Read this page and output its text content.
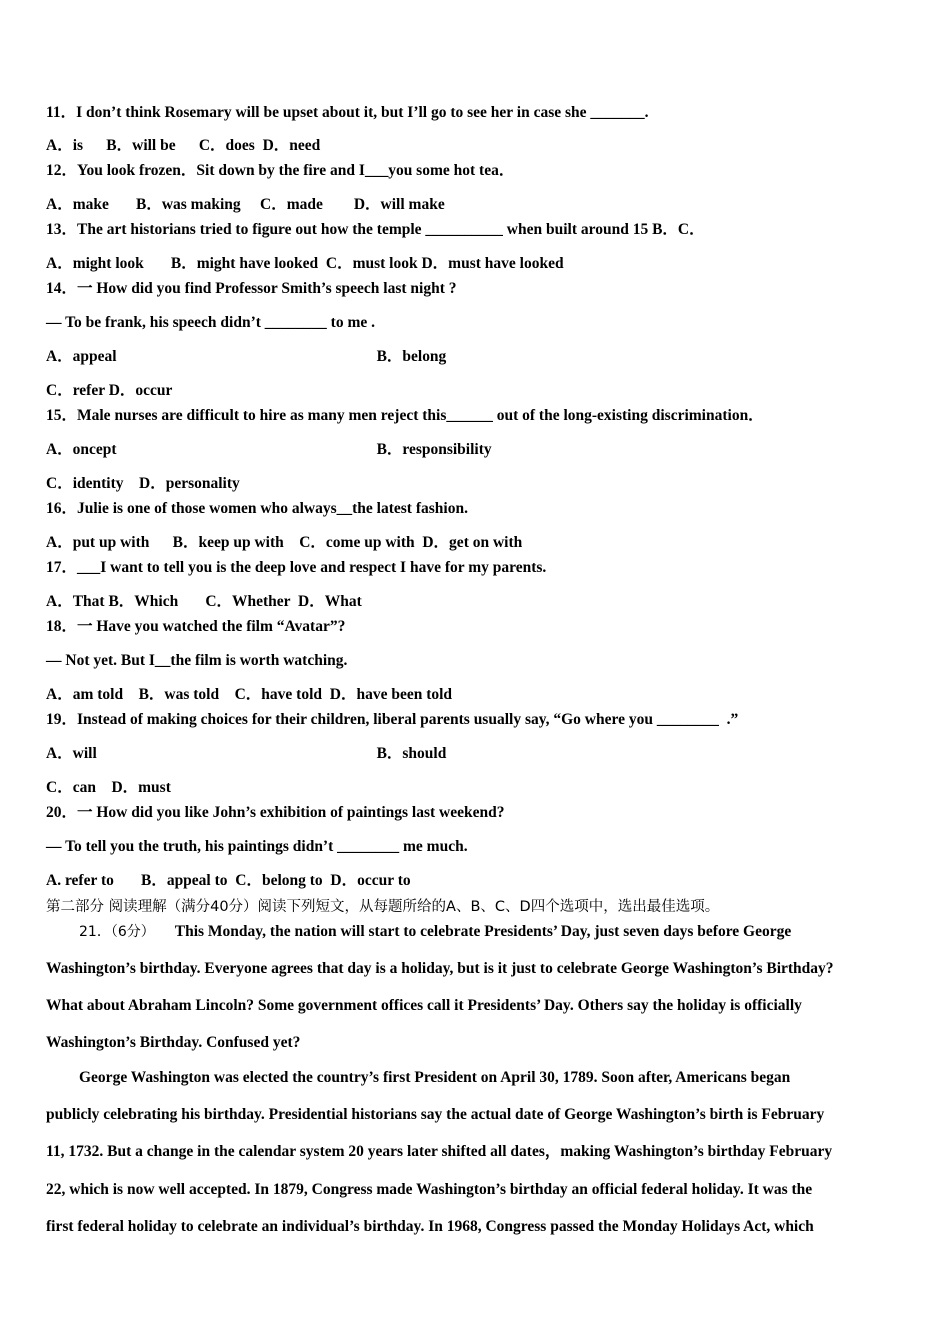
11．I don’t think Rosemary will be upset about it, but I’ll go to see her in case she _______.

A．is      B．will be      C．does  D．need

12．You look frozen．Sit down by the fire and I___you some hot tea．

A．make       B．was making     C．made        D．will make

13．The art historians tried to figure out how the temple __________ when built around 15 B．C．

A．might look       B．might have looked  C．must look D．must have looked

14．一 How did you find Professor Smith’s speech last night ?

— To be frank, his speech didn’t ________ to me .

A．appeal	B．belong

C．refer D．occur

15．Male nurses are difficult to hire as many men reject this______ out of the long-existing discrimination．

A．oncept	B．responsibility

C．identity    D．personality

16．Julie is one of those women who always__the latest fashion.

A．put up with      B．keep up with    C．come up with  D．get on with

17．___I want to tell you is the deep love and respect I have for my parents.

A．That B．Which       C．Whether  D．What

18．一 Have you watched the film “Avatar”?

— Not yet. But I__the film is worth watching.

A．am told    B．was told    C．have told  D．have been told

19．Instead of making choices for their children, liberal parents usually say, “Go where you ________  .”

A．will	B．should

C．can    D．must

20．一 How did you like John’s exhibition of paintings last weekend?

— To tell you the truth, his paintings didn’t ________ me much.

A. refer to       B．appeal to  C．belong to  D．occur to

第二部分 阅读理解（满分40分）阅读下列短文，从每题所给的A、B、C、D四个选项中，选出最佳选项。

21．（6分） This Monday, the nation will start to celebrate Presidents’ Day, just seven days before George

Washington’s birthday. Everyone agrees that day is a holiday, but is it just to celebrate George Washington’s Birthday?

What about Abraham Lincoln? Some government offices call it Presidents’ Day. Others say the holiday is officially

Washington’s Birthday. Confused yet?

George Washington was elected the country’s first President on April 30, 1789. Soon after, Americans began

publicly celebrating his birthday. Presidential historians say the actual date of George Washington’s birth is February

11, 1732. But a change in the calendar system 20 years later shifted all dates，making Washington’s birthday February

22, which is now well accepted. In 1879, Congress made Washington’s birthday an official federal holiday. It was the

first federal holiday to celebrate an individual’s birthday. In 1968, Congress passed the Monday Holidays Act, which
